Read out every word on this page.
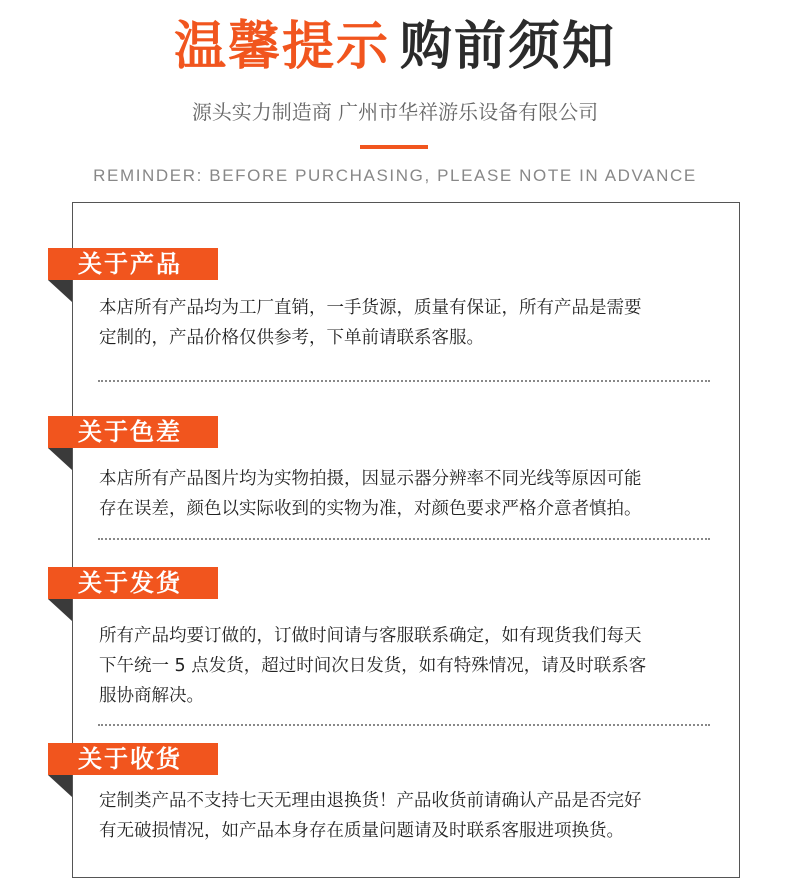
温馨提示 购前须知
源头实力制造商 广州市华祥游乐设备有限公司
REMINDER: BEFORE PURCHASING, PLEASE NOTE IN ADVANCE
关于产品
本店所有产品均为工厂直销，一手货源，质量有保证，所有产品是需要
定制的，产品价格仅供参考，下单前请联系客服。
关于色差
本店所有产品图片均为实物拍摄，因显示器分辨率不同光线等原因可能
存在误差，颜色以实际收到的实物为准，对颜色要求严格介意者慎拍。
关于发货
所有产品均要订做的，订做时间请与客服联系确定，如有现货我们每天
下午统一 5 点发货，超过时间次日发货，如有特殊情况，请及时联系客
服协商解决。
关于收货
定制类产品不支持七天无理由退换货！产品收货前请确认产品是否完好
有无破损情况，如产品本身存在质量问题请及时联系客服进项换货。
